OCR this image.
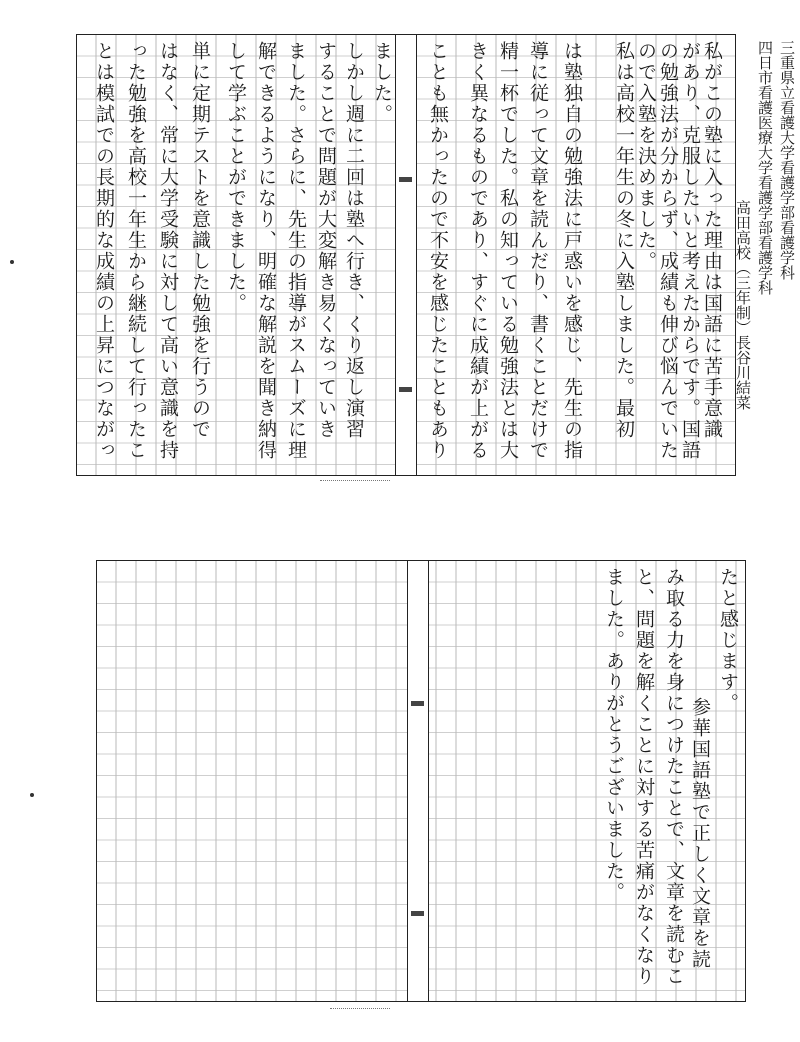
私がこの塾に入った理由は国語に苦手意識
があり、克服したいと考えたからです。国語
の勉強法が分からず、成績も伸び悩んでいた
ので入塾を決めました。
私は高校一年生の冬に入塾しました。最初
は塾独自の勉強法に戸惑いを感じ、先生の指
導に従って文章を読んだり、書くことだけで
精一杯でした。私の知っている勉強法とは大
きく異なるものであり、すぐに成績が上がる
ことも無かったので不安を感じたこともあり
ました。
しかし週に二回は塾へ行き、くり返し演習
することで問題が大変解き易くなっていき
ました。さらに、先生の指導がスムーズに理
解できるようになり、明確な解説を聞き納得
して学ぶことができました。
単に定期テストを意識した勉強を行うので
はなく、常に大学受験に対して高い意識を持
った勉強を高校一年生から継続して行ったこ
とは模試での長期的な成績の上昇につながっ	三重県立看護大学看護学部看護学科
四日市看護医療大学看護学部看護学科
高田高校（三年制）長谷川結菜
たと感じます。
参華国語塾で正しく文章を読
み取る力を身につけたことで、文章を読むこ
と、問題を解くことに対する苦痛がなくなり
ました。ありがとうございました。
